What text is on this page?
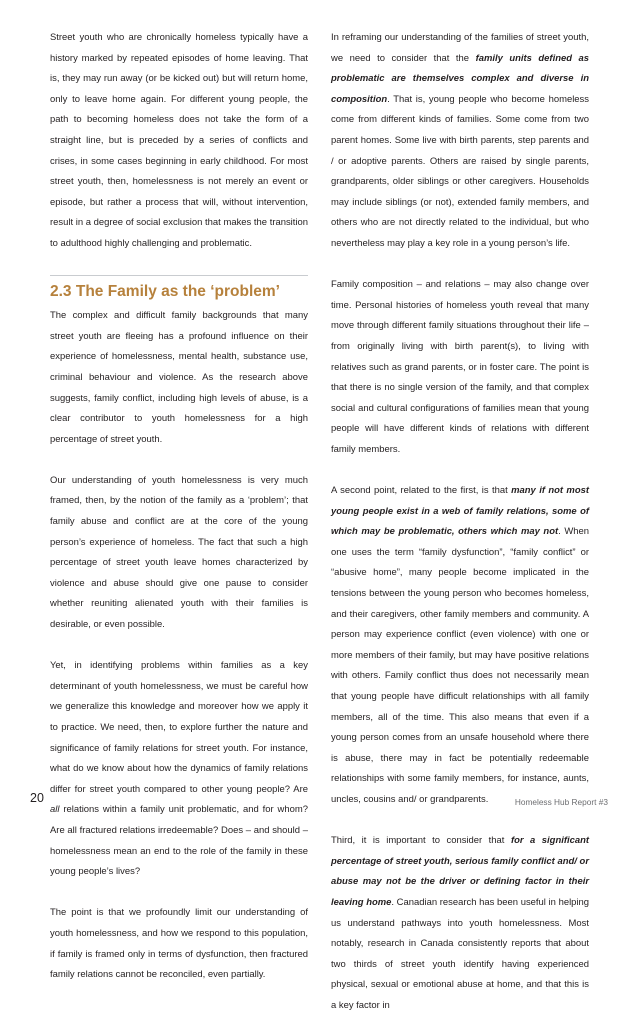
Street youth who are chronically homeless typically have a history marked by repeated episodes of home leaving. That is, they may run away (or be kicked out) but will return home, only to leave home again. For different young people, the path to becoming homeless does not take the form of a straight line, but is preceded by a series of conflicts and crises, in some cases beginning in early childhood. For most street youth, then, homelessness is not merely an event or episode, but rather a process that will, without intervention, result in a degree of social exclusion that makes the transition to adulthood highly challenging and problematic.

2.3 The Family as the ‘problem’

The complex and difficult family backgrounds that many street youth are fleeing has a profound influence on their experience of homelessness, mental health, substance use, criminal behaviour and violence. As the research above suggests, family conflict, including high levels of abuse, is a clear contributor to youth homelessness for a high percentage of street youth.

Our understanding of youth homelessness is very much framed, then, by the notion of the family as a ‘problem’; that family abuse and conflict are at the core of the young person’s experience of homeless. The fact that such a high percentage of street youth leave homes characterized by violence and abuse should give one pause to consider whether reuniting alienated youth with their families is desirable, or even possible.

Yet, in identifying problems within families as a key determinant of youth homelessness, we must be careful how we generalize this knowledge and moreover how we apply it to practice. We need, then, to explore further the nature and significance of family relations for street youth. For instance, what do we know about how the dynamics of family relations differ for street youth compared to other young people? Are all relations within a family unit problematic, and for whom? Are all fractured relations irredeemable? Does – and should – homelessness mean an end to the role of the family in these young people’s lives?

The point is that we profoundly limit our understanding of youth homelessness, and how we respond to this population, if family is framed only in terms of dysfunction, then fractured family relations cannot be reconciled, even partially.

In reframing our understanding of the families of street youth, we need to consider that the family units defined as problematic are themselves complex and diverse in composition. That is, young people who become homeless come from different kinds of families. Some come from two parent homes. Some live with birth parents, step parents and / or adoptive parents. Others are raised by single parents, grandparents, older siblings or other caregivers. Households may include siblings (or not), extended family members, and others who are not directly related to the individual, but who nevertheless may play a key role in a young person’s life.

Family composition – and relations – may also change over time. Personal histories of homeless youth reveal that many move through different family situations throughout their life – from originally living with birth parent(s), to living with relatives such as grand parents, or in foster care. The point is that there is no single version of the family, and that complex social and cultural configurations of families mean that young people will have different kinds of relations with different family members.

A second point, related to the first, is that many if not most young people exist in a web of family relations, some of which may be problematic, others which may not. When one uses the term “family dysfunction”, “family conflict” or “abusive home”, many people become implicated in the tensions between the young person who becomes homeless, and their caregivers, other family members and community. A person may experience conflict (even violence) with one or more members of their family, but may have positive relations with others. Family conflict thus does not necessarily mean that young people have difficult relationships with all family members, all of the time. This also means that even if a young person comes from an unsafe household where there is abuse, there may in fact be potentially redeemable relationships with some family members, for instance, aunts, uncles, cousins and/ or grandparents.

Third, it is important to consider that for a significant percentage of street youth, serious family conflict and/ or abuse may not be the driver or defining factor in their leaving home. Canadian research has been useful in helping us understand pathways into youth homelessness. Most notably, research in Canada consistently reports that about two thirds of street youth identify having experienced physical, sexual or emotional abuse at home, and that this is a key factor in

20	Homeless Hub Report #3
